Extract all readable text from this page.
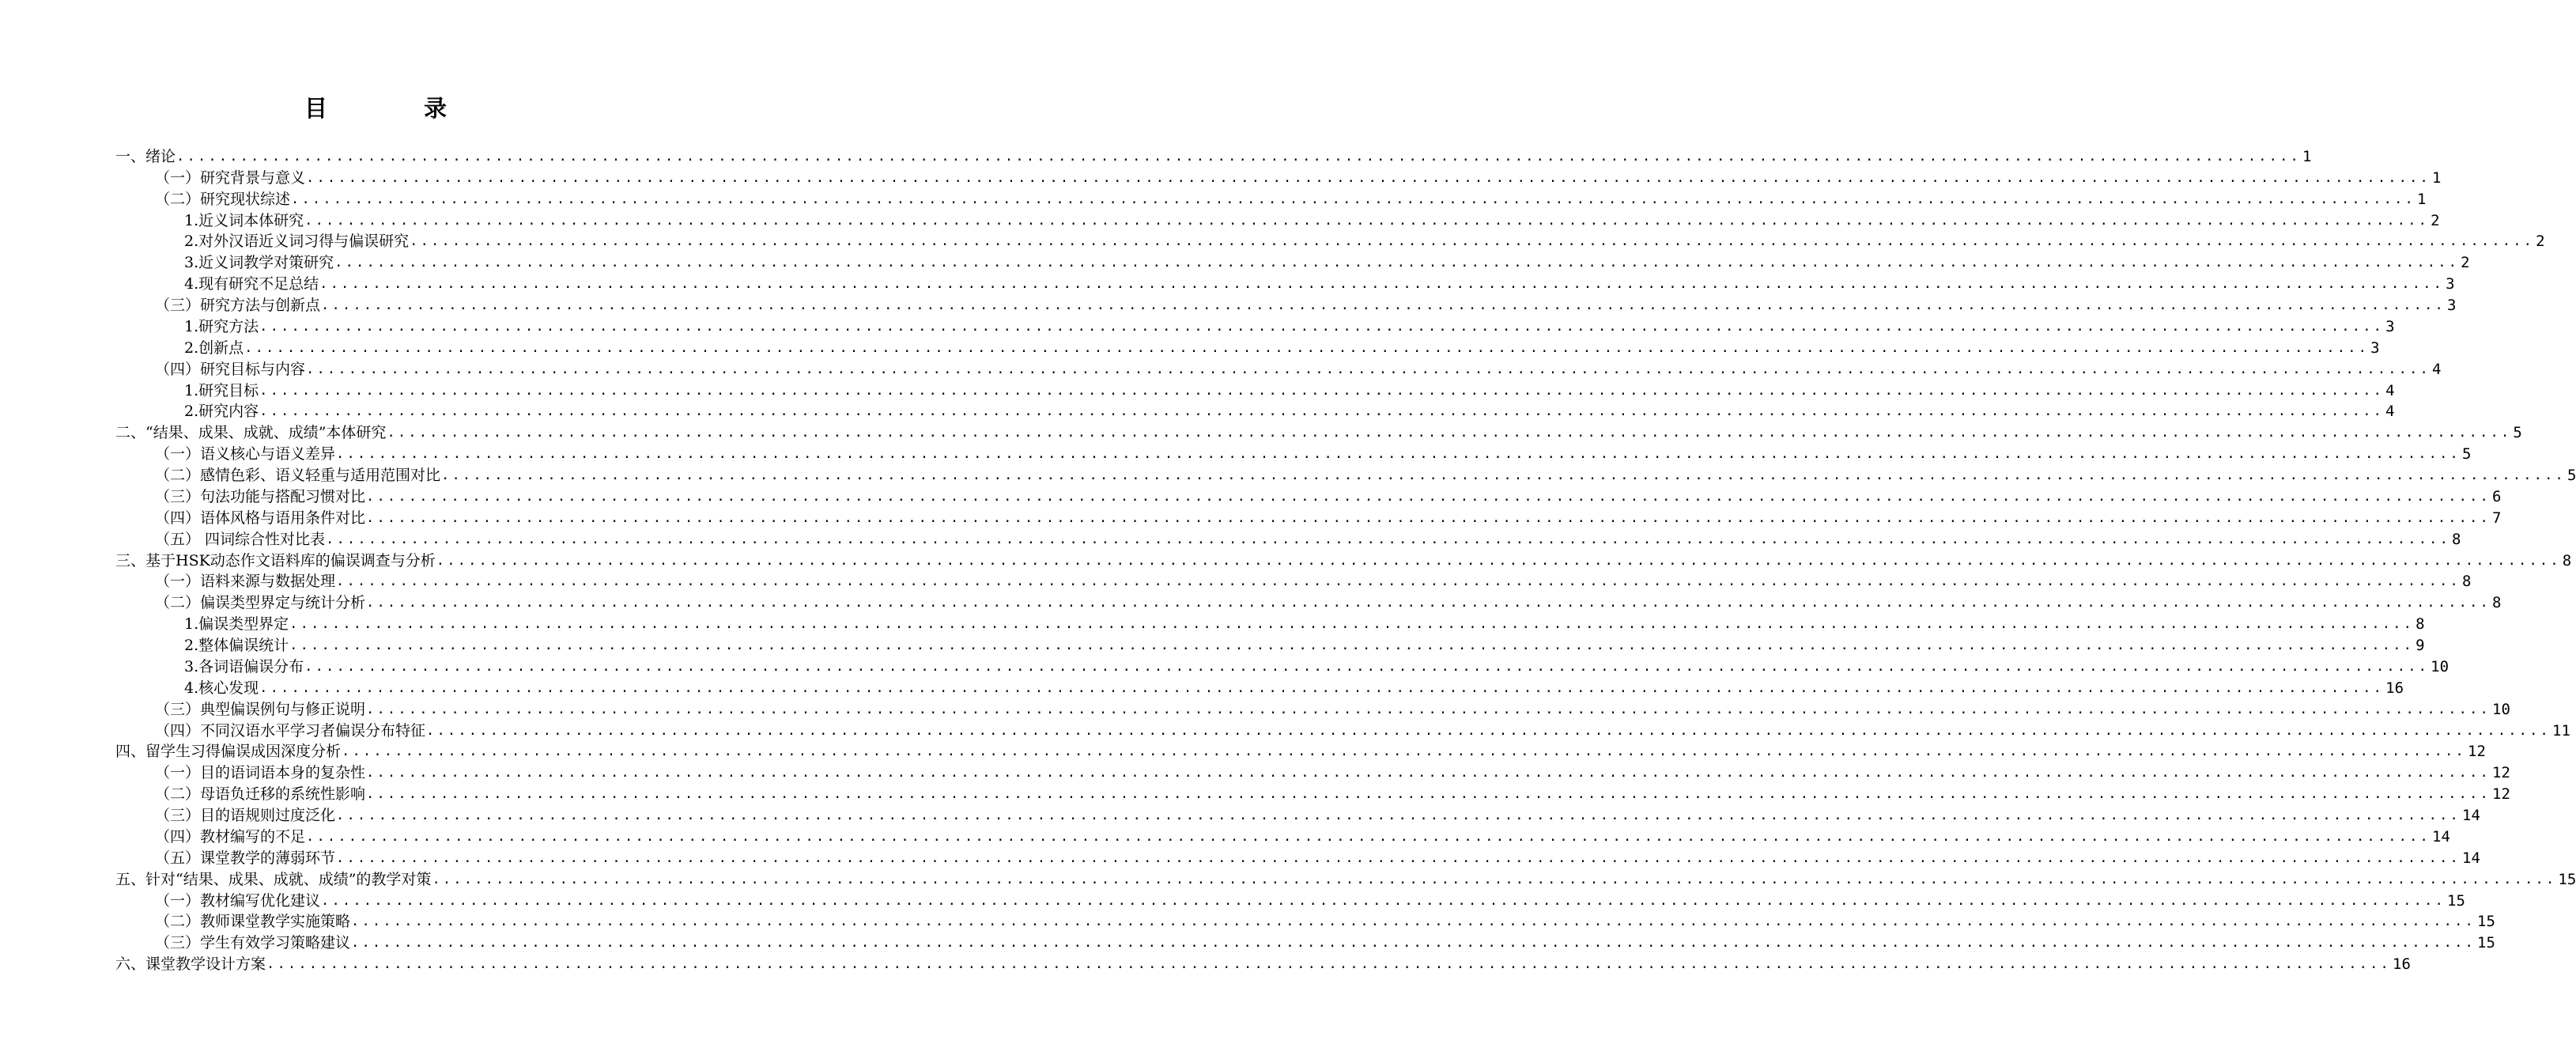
目 录
一、绪论 ........................................................................................................................................................................................................ 1
（一）研究背景与意义 ........................................................................................................................................................................................................ 1
（二）研究现状综述 ........................................................................................................................................................................................................ 1
1.近义词本体研究 ........................................................................................................................................................................................................ 2
2.对外汉语近义词习得与偏误研究 ........................................................................................................................................................................................................ 2
3.近义词教学对策研究 ........................................................................................................................................................................................................ 2
4.现有研究不足总结 ........................................................................................................................................................................................................ 3
（三）研究方法与创新点 ........................................................................................................................................................................................................ 3
1.研究方法 ........................................................................................................................................................................................................ 3
2.创新点 ........................................................................................................................................................................................................ 3
（四）研究目标与内容 ........................................................................................................................................................................................................ 4
1.研究目标 ........................................................................................................................................................................................................ 4
2.研究内容 ........................................................................................................................................................................................................ 4
二、“结果、成果、成就、成绩”本体研究 ........................................................................................................................................................................................................ 5
（一）语义核心与语义差异 ........................................................................................................................................................................................................ 5
（二）感情色彩、语义轻重与适用范围对比 ........................................................................................................................................................................................................ 5
（三）句法功能与搭配习惯对比 ........................................................................................................................................................................................................ 6
（四）语体风格与语用条件对比 ........................................................................................................................................................................................................ 7
（五） 四词综合性对比表 ........................................................................................................................................................................................................ 8
三、基于HSK动态作文语料库的偏误调查与分析 ........................................................................................................................................................................................................ 8
（一）语料来源与数据处理 ........................................................................................................................................................................................................ 8
（二）偏误类型界定与统计分析 ........................................................................................................................................................................................................ 8
1.偏误类型界定 ........................................................................................................................................................................................................ 8
2.整体偏误统计 ........................................................................................................................................................................................................ 9
3.各词语偏误分布 ........................................................................................................................................................................................................ 10
4.核心发现 ........................................................................................................................................................................................................ 16
（三）典型偏误例句与修正说明 ........................................................................................................................................................................................................ 10
（四）不同汉语水平学习者偏误分布特征 ........................................................................................................................................................................................................ 11
四、留学生习得偏误成因深度分析 ........................................................................................................................................................................................................ 12
（一）目的语词语本身的复杂性 ........................................................................................................................................................................................................ 12
（二）母语负迁移的系统性影响 ........................................................................................................................................................................................................ 12
（三）目的语规则过度泛化 ........................................................................................................................................................................................................ 14
（四）教材编写的不足 ........................................................................................................................................................................................................ 14
（五）课堂教学的薄弱环节 ........................................................................................................................................................................................................ 14
五、针对“结果、成果、成就、成绩”的教学对策 ........................................................................................................................................................................................................ 15
（一）教材编写优化建议 ........................................................................................................................................................................................................ 15
（二）教师课堂教学实施策略 ........................................................................................................................................................................................................ 15
（三）学生有效学习策略建议 ........................................................................................................................................................................................................ 15
六、课堂教学设计方案 ........................................................................................................................................................................................................ 16
